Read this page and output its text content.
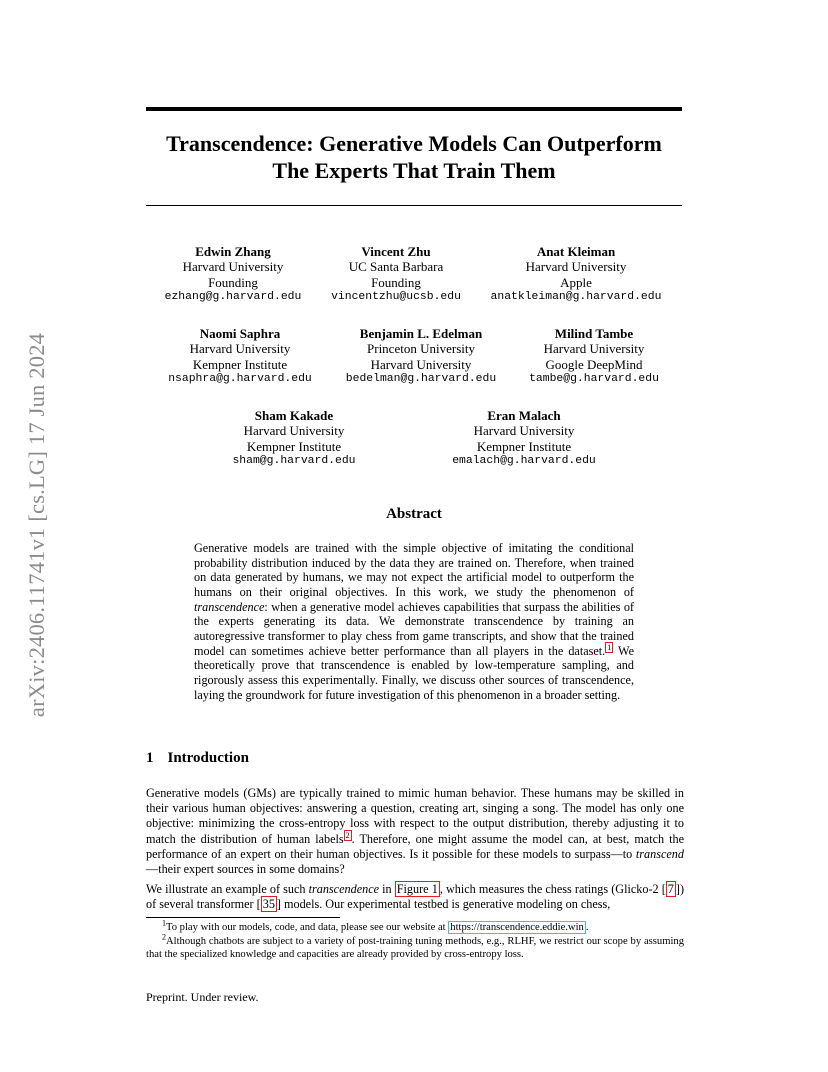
arXiv:2406.11741v1 [cs.LG] 17 Jun 2024
Transcendence: Generative Models Can Outperform
The Experts That Train Them
Edwin Zhang
Harvard University
Founding
ezhang@g.harvard.edu
Vincent Zhu
UC Santa Barbara
Founding
vincentzhu@ucsb.edu
Anat Kleiman
Harvard University
Apple
anatkleiman@g.harvard.edu
Naomi Saphra
Harvard University
Kempner Institute
nsaphra@g.harvard.edu
Benjamin L. Edelman
Princeton University
Harvard University
bedelman@g.harvard.edu
Milind Tambe
Harvard University
Google DeepMind
tambe@g.harvard.edu
Sham Kakade
Harvard University
Kempner Institute
sham@g.harvard.edu
Eran Malach
Harvard University
Kempner Institute
emalach@g.harvard.edu
Abstract
Generative models are trained with the simple objective of imitating the conditional probability distribution induced by the data they are trained on. Therefore, when trained on data generated by humans, we may not expect the artificial model to outperform the humans on their original objectives. In this work, we study the phenomenon of transcendence: when a generative model achieves capabilities that surpass the abilities of the experts generating its data. We demonstrate transcendence by training an autoregressive transformer to play chess from game transcripts, and show that the trained model can sometimes achieve better performance than all players in the dataset. $^1$ We theoretically prove that transcendence is enabled by low-temperature sampling, and rigorously assess this experimentally. Finally, we discuss other sources of transcendence, laying the groundwork for future investigation of this phenomenon in a broader setting.
1 Introduction
Generative models (GMs) are typically trained to mimic human behavior. These humans may be skilled in their various human objectives: answering a question, creating art, singing a song. The model has only one objective: minimizing the cross-entropy loss with respect to the output distribution, thereby adjusting it to match the distribution of human labels $^2$ . Therefore, one might assume the model can, at best, match the performance of an expert on their human objectives. Is it possible for these models to surpass—to transcend—their expert sources in some domains?
We illustrate an example of such transcendence in Figure 1 , which measures the chess ratings (Glicko-2 [ 7 ]) of several transformer [ 35 ] models. Our experimental testbed is generative modeling on chess,
$^1$To play with our models, code, and data, please see our website at https://transcendence.eddie.win .
$^2$Although chatbots are subject to a variety of post-training tuning methods, e.g., RLHF, we restrict our scope by assuming that the specialized knowledge and capacities are already provided by cross-entropy loss.
Preprint. Under review.
